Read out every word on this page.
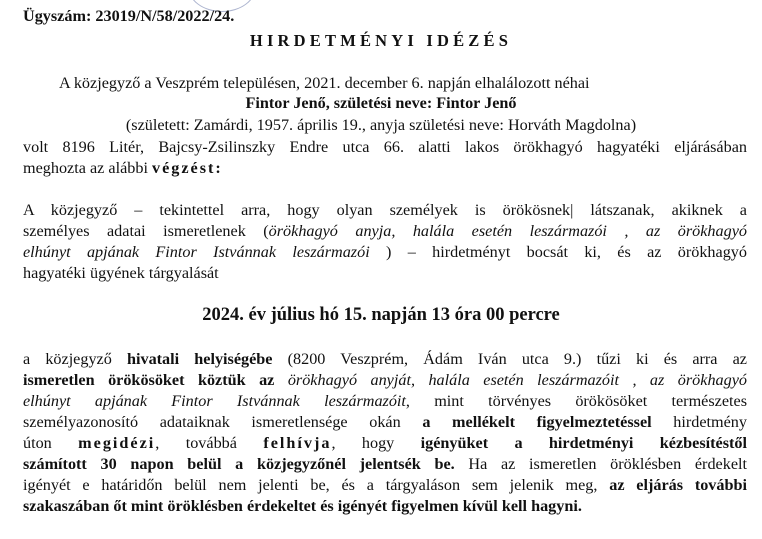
Ügyszám: 23019/N/58/2022/24.
HIRDETMÉNYI IDÉZÉS
A közjegyző a Veszprém településen, 2021. december 6. napján elhalálozott néhai
Fintor Jenő, születési neve: Fintor Jenő
(született: Zamárdi, 1957. április 19., anyja születési neve: Horváth Magdolna)
volt 8196 Litér, Bajcsy-Zsilinszky Endre utca 66. alatti lakos örökhagyó hagyatéki eljárásában
meghozta az alábbi végzést:
A közjegyző – tekintettel arra, hogy olyan személyek is örökösnek| látszanak, akiknek a
személyes adatai ismeretlenek (örökhagyó anyja, halála esetén leszármazói , az örökhagyó
elhúnyt apjának Fintor Istvánnak leszármazói ) – hirdetményt bocsát ki, és az örökhagyó
hagyatéki ügyének tárgyalását
2024. év július hó 15. napján 13 óra 00 percre
a közjegyző hivatali helyiségébe (8200 Veszprém, Ádám Iván utca 9.) tűzi ki és arra az
ismeretlen örökösöket köztük az örökhagyó anyját, halála esetén leszármazóit , az örökhagyó
elhúnyt apjának Fintor Istvánnak leszármazóit, mint törvényes örökösöket természetes
személyazonosító adataiknak ismeretlensége okán a mellékelt figyelmeztetéssel hirdetmény
úton megidézi, továbbá felhívja, hogy igényüket a hirdetményi kézbesítéstől
számított 30 napon belül a közjegyzőnél jelentsék be. Ha az ismeretlen öröklésben érdekelt
igényét e határidőn belül nem jelenti be, és a tárgyaláson sem jelenik meg, az eljárás további
szakaszában őt mint öröklésben érdekeltet és igényét figyelmen kívül kell hagyni.
